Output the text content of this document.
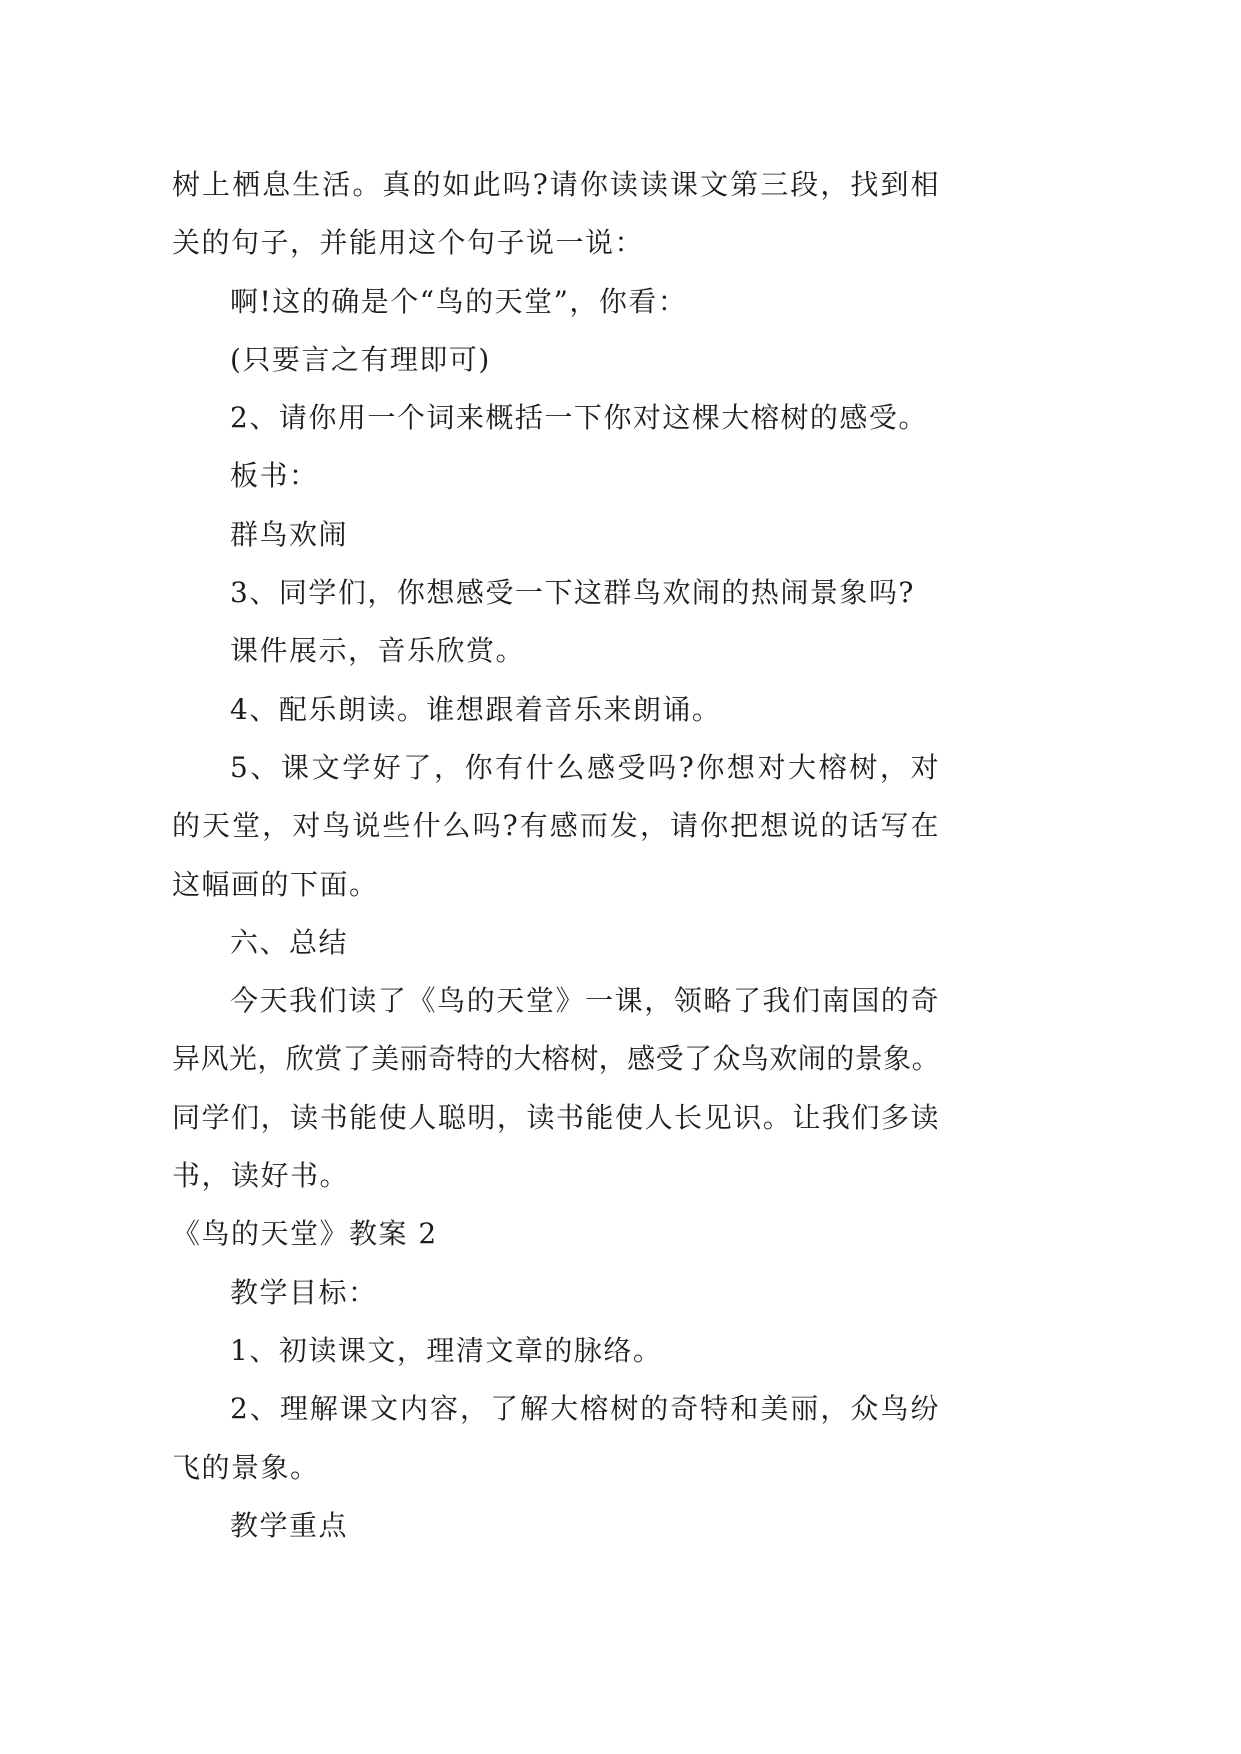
树上栖息生活。真的如此吗?请你读读课文第三段，找到相

关的句子，并能用这个句子说一说：

啊!这的确是个“鸟的天堂”，你看：

(只要言之有理即可)

2、请你用一个词来概括一下你对这棵大榕树的感受。

板书：

群鸟欢闹

3、同学们，你想感受一下这群鸟欢闹的热闹景象吗?

课件展示，音乐欣赏。

4、配乐朗读。谁想跟着音乐来朗诵。

5、课文学好了，你有什么感受吗?你想对大榕树，对

的天堂，对鸟说些什么吗?有感而发，请你把想说的话写在

这幅画的下面。

六、总结

今天我们读了《鸟的天堂》一课，领略了我们南国的奇

异风光，欣赏了美丽奇特的大榕树，感受了众鸟欢闹的景象。

同学们，读书能使人聪明，读书能使人长见识。让我们多读

书，读好书。

《鸟的天堂》教案 2

教学目标：

1、初读课文，理清文章的脉络。

2、理解课文内容，了解大榕树的奇特和美丽，众鸟纷

飞的景象。

教学重点
